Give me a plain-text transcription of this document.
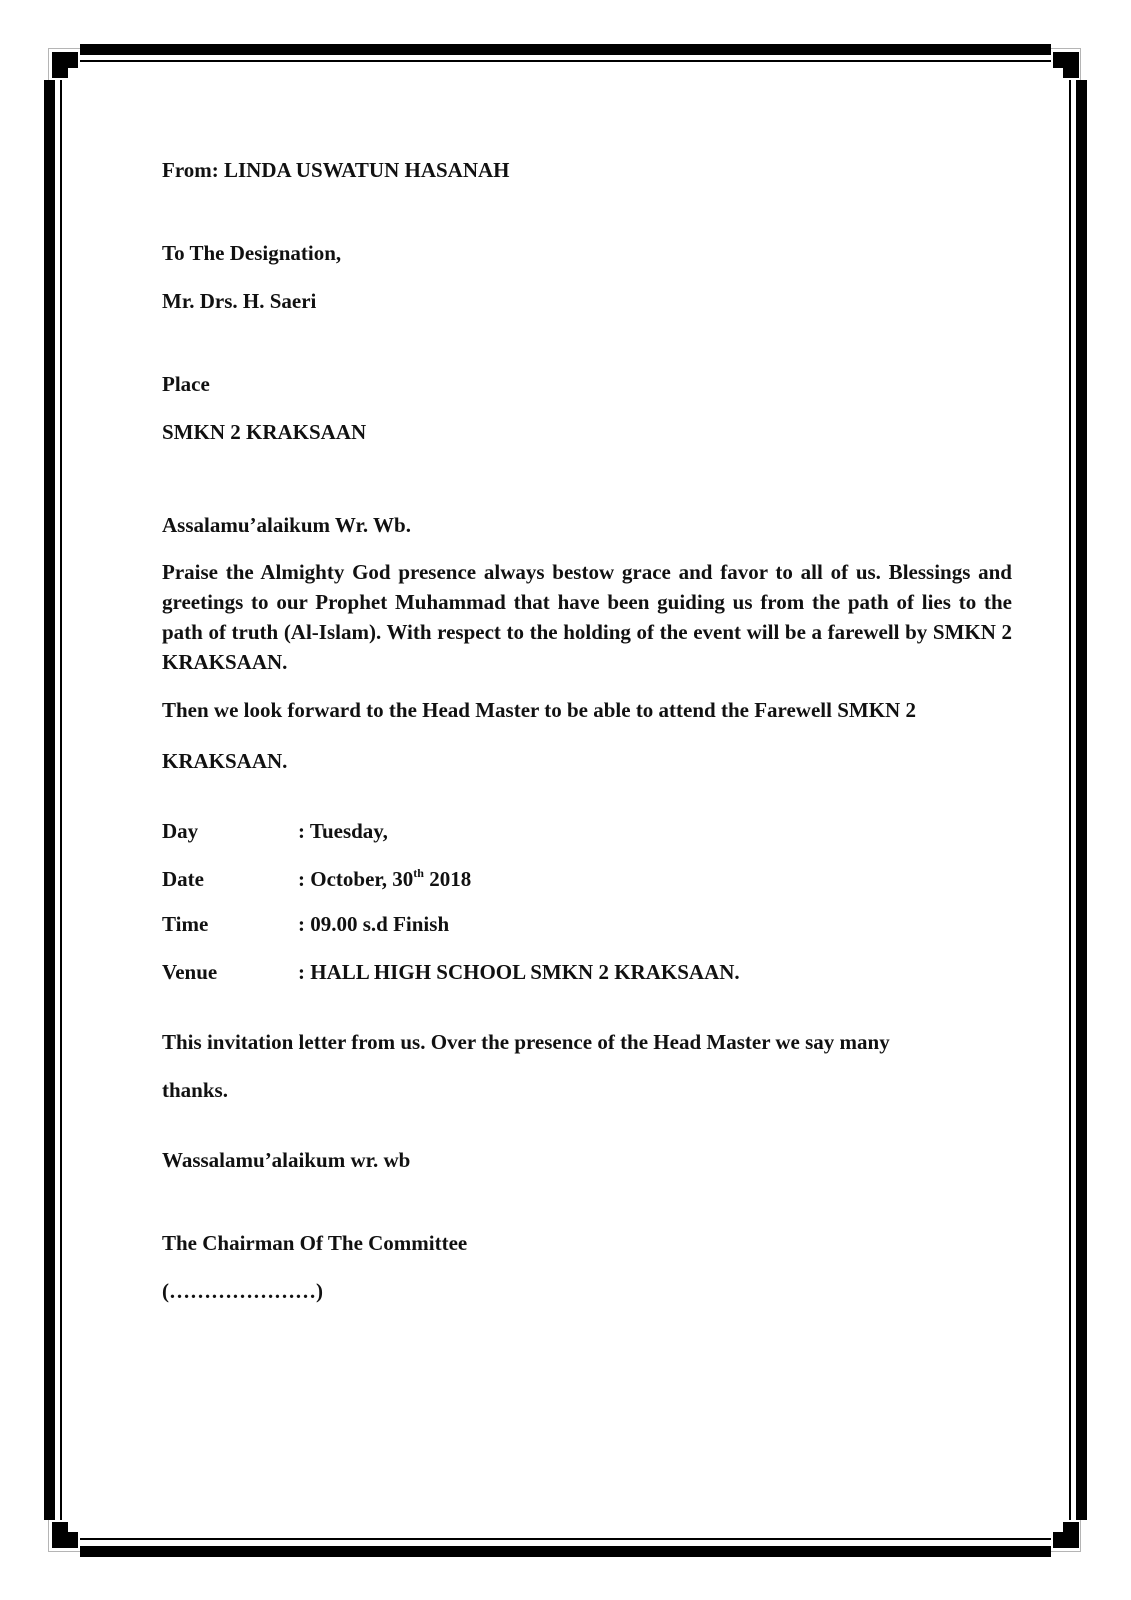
From: LINDA USWATUN HASANAH
To The Designation,
Mr. Drs. H. Saeri
Place
SMKN 2 KRAKSAAN
Assalamu’alaikum Wr. Wb.
Praise the Almighty God presence always bestow grace and favor to all of us. Blessings and greetings to our Prophet Muhammad that have been guiding us from the path of lies to the path of truth (Al-Islam). With respect to the holding of the event will be a farewell by SMKN 2 KRAKSAAN.
Then we look forward to the Head Master to be able to attend the Farewell SMKN 2
KRAKSAAN.
Day	: Tuesday,
Date	: October, 30th 2018
Time	: 09.00 s.d Finish
Venue	: HALL HIGH SCHOOL SMKN 2 KRAKSAAN.
This invitation letter from us. Over the presence of the Head Master we say many
thanks.
Wassalamu’alaikum wr. wb
The Chairman Of The Committee
(…………………)
